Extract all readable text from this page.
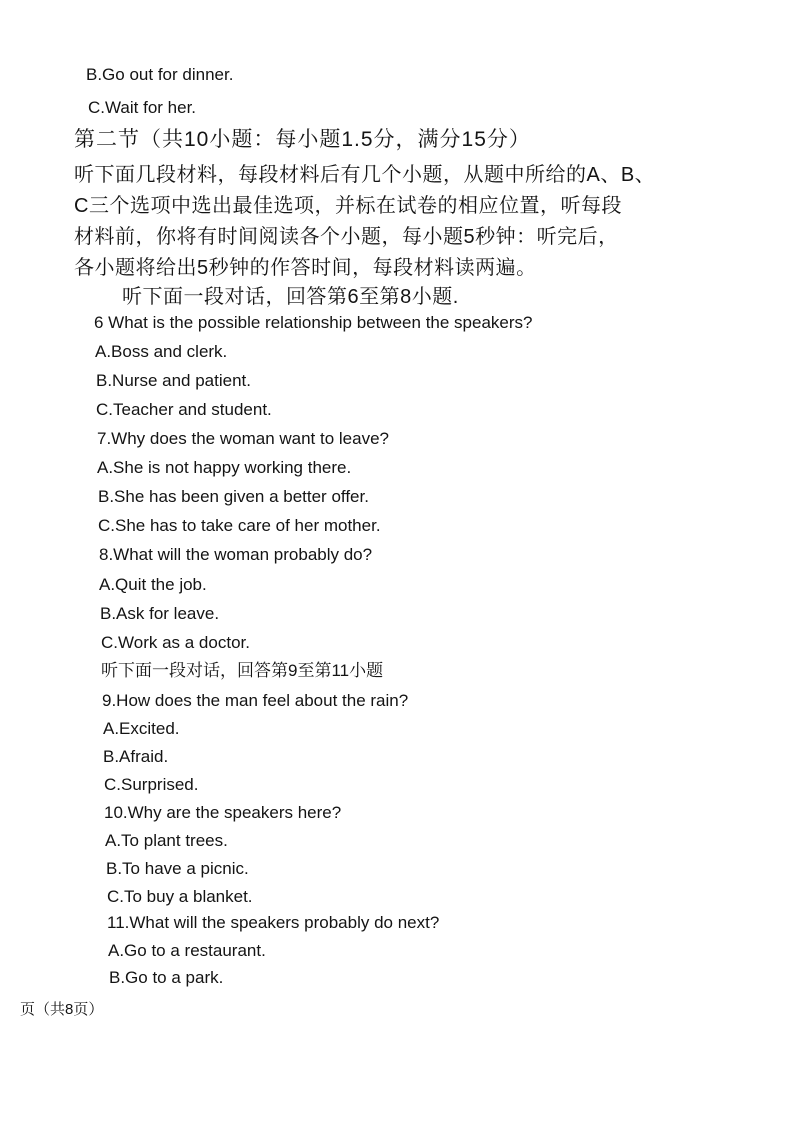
B.Go out for dinner.
C.Wait for her.
第二节（共10小题：每小题1.5分，满分15分）
听下面几段材料，每段材料后有几个小题，从题中所给的A、B、
C三个选项中选出最佳选项，并标在试卷的相应位置，听每段
材料前，你将有时间阅读各个小题，每小题5秒钟：听完后，
各小题将给出5秒钟的作答时间，每段材料读两遍。
听下面一段对话，回答第6至第8小题.
6 What is the possible relationship between the speakers?
A.Boss and clerk.
B.Nurse and patient.
C.Teacher and student.
7.Why does the woman want to leave?
A.She is not happy working there.
B.She has been given a better offer.
C.She has to take care of her mother.
8.What will the woman probably do?
A.Quit the job.
B.Ask for leave.
C.Work as a doctor.
听下面一段对话，回答第9至第11小题
9.How does the man feel about the rain?
A.Excited.
B.Afraid.
C.Surprised.
10.Why are the speakers here?
A.To plant trees.
B.To have a picnic.
C.To buy a blanket.
11.What will the speakers probably do next?
A.Go to a restaurant.
B.Go to a park.
页（共8页）
